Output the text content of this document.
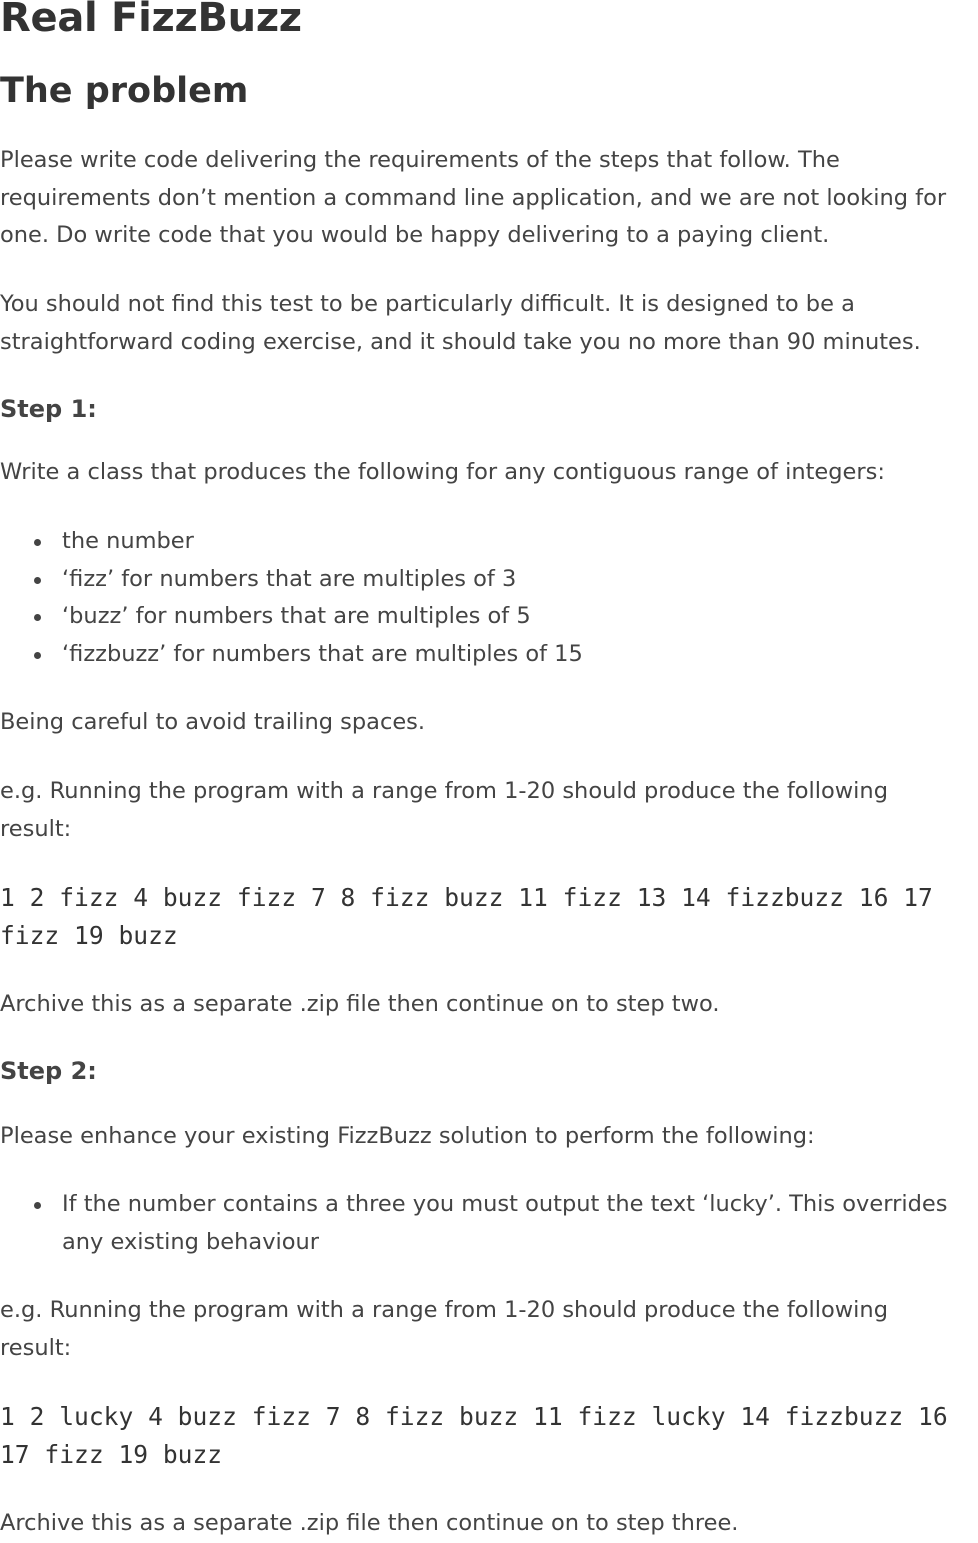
Real FizzBuzz
The problem

Please write code delivering the requirements of the steps that follow. The requirements don’t mention a command line application, and we are not looking for one. Do write code that you would be happy delivering to a paying client.

You should not find this test to be particularly difficult. It is designed to be a straightforward coding exercise, and it should take you no more than 90 minutes.

Step 1:

Write a class that produces the following for any contiguous range of integers:

the number
‘fizz’ for numbers that are multiples of 3
‘buzz’ for numbers that are multiples of 5
‘fizzbuzz’ for numbers that are multiples of 15

Being careful to avoid trailing spaces.

e.g. Running the program with a range from 1-20 should produce the following result:

1 2 fizz 4 buzz fizz 7 8 fizz buzz 11 fizz 13 14 fizzbuzz 16 17 fizz 19 buzz

Archive this as a separate .zip file then continue on to step two.

Step 2:

Please enhance your existing FizzBuzz solution to perform the following:

If the number contains a three you must output the text ‘lucky’. This overrides any existing behaviour

e.g. Running the program with a range from 1-20 should produce the following result:

1 2 lucky 4 buzz fizz 7 8 fizz buzz 11 fizz lucky 14 fizzbuzz 16 17 fizz 19 buzz

Archive this as a separate .zip file then continue on to step three.
